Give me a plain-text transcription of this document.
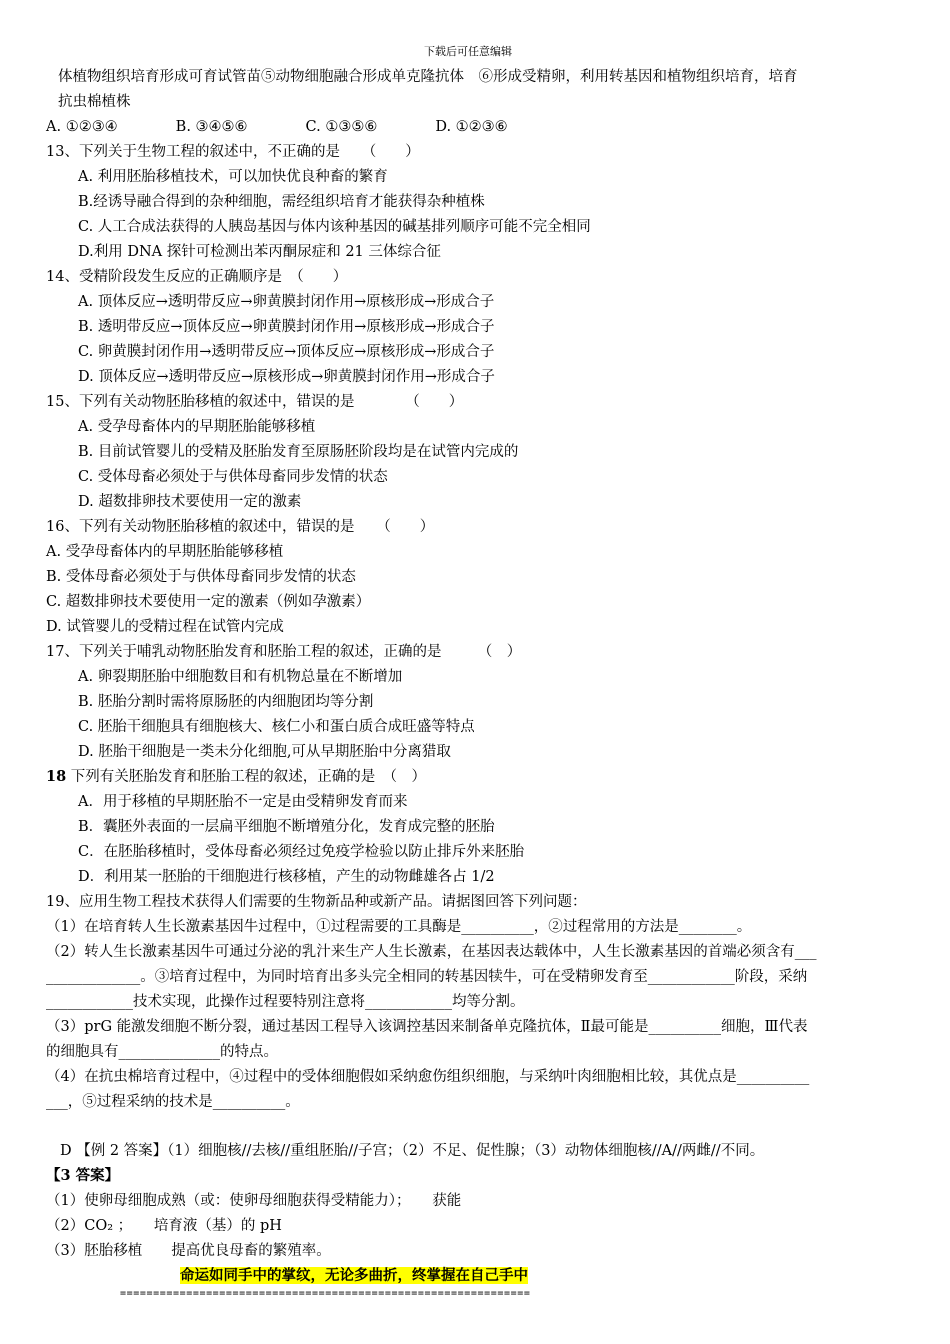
下载后可任意编辑
体植物组织培育形成可育试管苗⑤动物细胞融合形成单克隆抗体　⑥形成受精卵，利用转基因和植物组织培育，培育
抗虫棉植株
A. ①②③④　　　　B. ③④⑤⑥　　　　C. ①③⑤⑥　　　　D. ①②③⑥
13、下列关于生物工程的叙述中，不正确的是　　（　　）
A. 利用胚胎移植技术，可以加快优良种畜的繁育
B.经诱导融合得到的杂种细胞，需经组织培育才能获得杂种植株
C. 人工合成法获得的人胰岛基因与体内该种基因的碱基排列顺序可能不完全相同
D.利用 DNA 探针可检测出苯丙酮尿症和 21 三体综合征
14、受精阶段发生反应的正确顺序是　（　　）
A. 顶体反应→透明带反应→卵黄膜封闭作用→原核形成→形成合子
B. 透明带反应→顶体反应→卵黄膜封闭作用→原核形成→形成合子
C. 卵黄膜封闭作用→透明带反应→顶体反应→原核形成→形成合子
D. 顶体反应→透明带反应→原核形成→卵黄膜封闭作用→形成合子
15、下列有关动物胚胎移植的叙述中，错误的是　　　　（　　）
A. 受孕母畜体内的早期胚胎能够移植
B. 目前试管婴儿的受精及胚胎发育至原肠胚阶段均是在试管内完成的
C. 受体母畜必须处于与供体母畜同步发情的状态
D. 超数排卵技术要使用一定的激素
16、下列有关动物胚胎移植的叙述中，错误的是　　（　　）
A. 受孕母畜体内的早期胚胎能够移植
B. 受体母畜必须处于与供体母畜同步发情的状态
C. 超数排卵技术要使用一定的激素（例如孕激素）
D. 试管婴儿的受精过程在试管内完成
17、下列关于哺乳动物胚胎发育和胚胎工程的叙述，正确的是　　　（　）
A. 卵裂期胚胎中细胞数目和有机物总量在不断增加
B. 胚胎分割时需将原肠胚的内细胞团均等分割
C. 胚胎干细胞具有细胞核大、核仁小和蛋白质合成旺盛等特点
D. 胚胎干细胞是一类未分化细胞,可从早期胚胎中分离猎取
18 下列有关胚胎发育和胚胎工程的叙述，正确的是　（　）
A．用于移植的早期胚胎不一定是由受精卵发育而来
B．囊胚外表面的一层扁平细胞不断增殖分化，发育成完整的胚胎
C．在胚胎移植时，受体母畜必须经过免疫学检验以防止排斥外来胚胎
D．利用某一胚胎的干细胞进行核移植，产生的动物雌雄各占 1/2
19、应用生物工程技术获得人们需要的生物新品种或新产品。请据图回答下列问题：
（1）在培育转人生长激素基因牛过程中，①过程需要的工具酶是__________，②过程常用的方法是________。
（2）转人生长激素基因牛可通过分泌的乳汁来生产人生长激素，在基因表达载体中，人生长激素基因的首端必须含有___
_____________。③培育过程中，为同时培育出多头完全相同的转基因犊牛，可在受精卵发育至____________阶段，采纳
____________技术实现，此操作过程要特别注意将____________均等分割。
（3）prG 能激发细胞不断分裂，通过基因工程导入该调控基因来制备单克隆抗体，Ⅱ最可能是__________细胞，Ⅲ代表
的细胞具有______________的特点。
（4）在抗虫棉培育过程中，④过程中的受体细胞假如采纳愈伤组织细胞，与采纳叶肉细胞相比较，其优点是__________
___，⑤过程采纳的技术是__________。
D 【例 2 答案】（1）细胞核//去核//重组胚胎//子宫；（2）不足、促性腺；（3）动物体细胞核//A//两雌//不同。
【3 答案】
（1）使卵母细胞成熟（或：使卵母细胞获得受精能力）；　　获能
（2）CO₂ ；　　培育液（基）的 pH
（3）胚胎移植　　提高优良母畜的繁殖率。
命运如同手中的掌纹，无论多曲折，终掌握在自己手中
==============================================================
